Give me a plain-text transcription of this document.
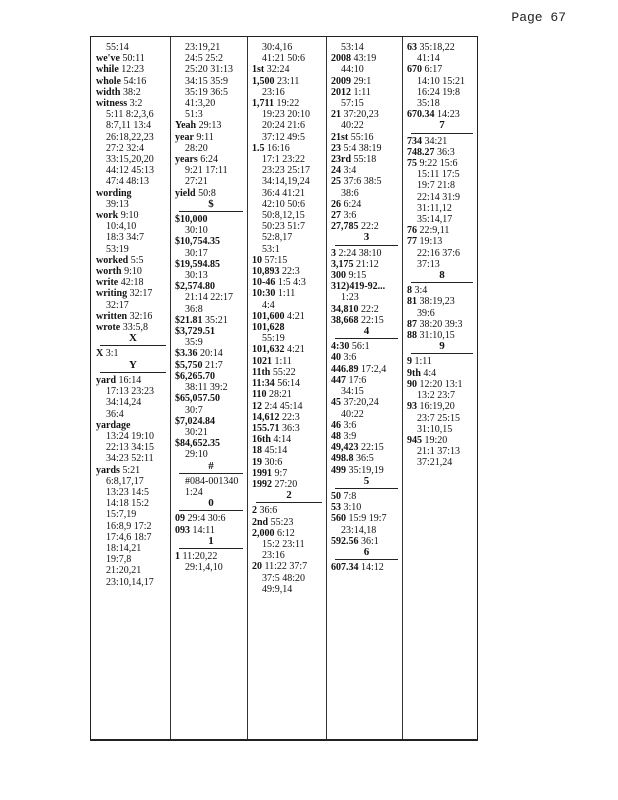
Page 67
55:14
we've 50:11
while 12:23
whole 54:16
width 38:2
witness 3:2
5:11 8:2,3,6
8:7,11 13:4
26:18,22,23
27:2 32:4
33:15,20,20
44:12 45:13
47:4 48:13
wording
39:13
work 9:10
10:4,10
18:3 34:7
53:19
worked 5:5
worth 9:10
write 42:18
writing 32:17
32:17
written 32:16
wrote 33:5,8
X
X 3:1
Y
yard 16:14
17:13 23:23
34:14,24
36:4
yardage
13:24 19:10
22:13 34:15
34:23 52:11
yards 5:21
6:8,17,17
13:23 14:5
14:18 15:2
15:7,19
16:8,9 17:2
17:4,6 18:7
18:14,21
19:7,8
21:20,21
23:10,14,17
23:19,21
24:5 25:2
25:20 31:13
34:15 35:9
35:19 36:5
41:3,20
51:3
Yeah 29:13
year 9:11
28:20
years 6:24
9:21 17:11
27:21
yield 50:8
$
$10,000
30:10
$10,754.35
30:17
$19,594.85
30:13
$2,574.80
21:14 22:17
36:8
$21.81 35:21
$3,729.51
35:9
$3.36 20:14
$5,750 21:7
$6,265.70
38:11 39:2
$65,057.50
30:7
$7,024.84
30:21
$84,652.35
29:10
#
#084-001340
1:24
0
09 29:4 30:6
093 14:11
1
1 11:20,22
29:1,4,10
30:4,16
41:21 50:6
1st 32:24
1,500 23:11
23:16
1,711 19:22
19:23 20:10
20:24 21:6
37:12 49:5
1.5 16:16
17:1 23:22
23:23 25:17
34:14,19,24
36:4 41:21
42:10 50:6
50:8,12,15
50:23 51:7
52:8,17
53:1
10 57:15
10,893 22:3
10-46 1:5 4:3
10:30 1:11
4:4
101,600 4:21
101,628
55:19
101,632 4:21
1021 1:11
11th 55:22
11:34 56:14
110 28:21
12 2:4 45:14
14,612 22:3
155.71 36:3
16th 4:14
18 45:14
19 30:6
1991 9:7
1992 27:20
2
2 36:6
2nd 55:23
2,000 6:12
15:2 23:11
23:16
20 11:22 37:7
37:5 48:20
49:9,14
53:14
2008 43:19
44:10
2009 29:1
2012 1:11
57:15
21 37:20,23
40:22
21st 55:16
23 5:4 38:19
23rd 55:18
24 3:4
25 37:6 38:5
38:6
26 6:24
27 3:6
27,785 22:2
3
3 2:24 38:10
3,175 21:12
300 9:15
312)419-92...
1:23
34,810 22:2
38,668 22:15
4
4:30 56:1
40 3:6
446.89 17:2,4
447 17:6
34:15
45 37:20,24
40:22
46 3:6
48 3:9
49,423 22:15
498.8 36:5
499 35:19,19
5
50 7:8
53 3:10
560 15:9 19:7
23:14,18
592.56 36:1
6
607.34 14:12
63 35:18,22
41:14
670 6:17
14:10 15:21
16:24 19:8
35:18
670.34 14:23
7
734 34:21
748.27 36:3
75 9:22 15:6
15:11 17:5
19:7 21:8
22:14 31:9
31:11,12
35:14,17
76 22:9,11
77 19:13
22:16 37:6
37:13
8
8 3:4
81 38:19,23
39:6
87 38:20 39:3
88 31:10,15
9
9 1:11
9th 4:4
90 12:20 13:1
13:2 23:7
93 16:19,20
23:7 25:15
31:10,15
945 19:20
21:1 37:13
37:21,24
